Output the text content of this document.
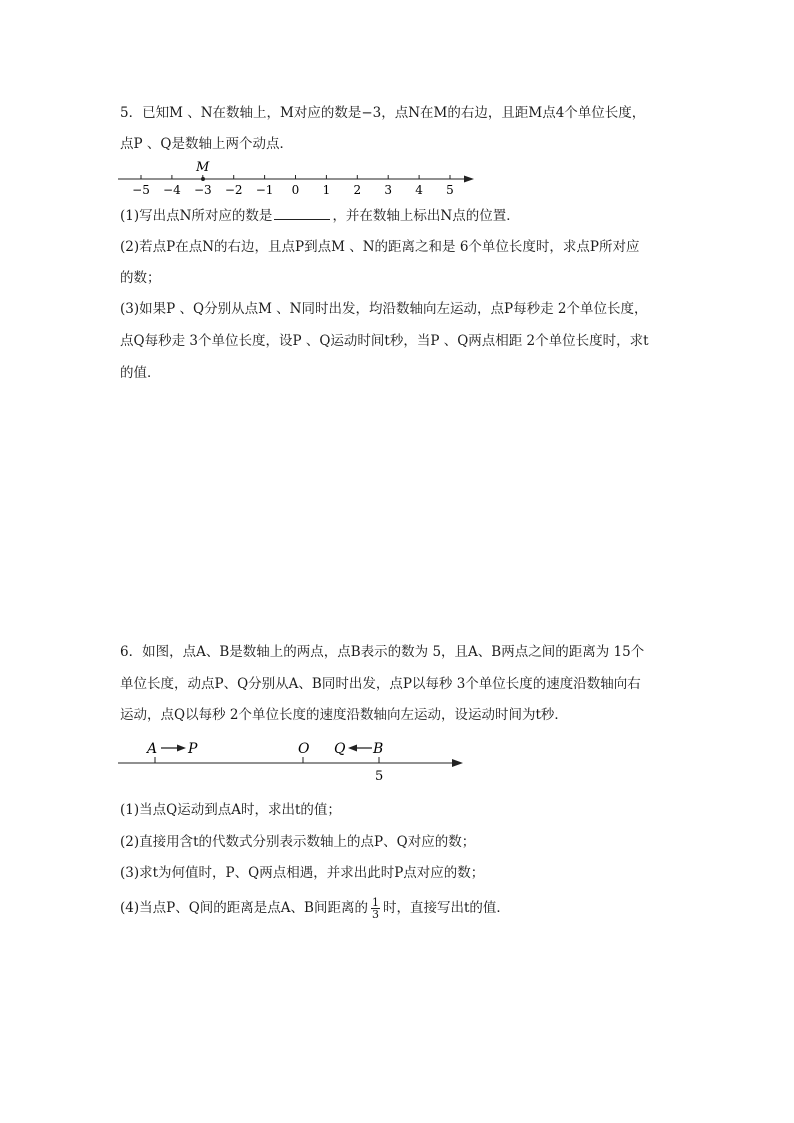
5．已知M 、N在数轴上，M对应的数是−3，点N在M的右边，且距M点4个单位长度，
点P 、Q是数轴上两个动点．
M
−5 −4 −3 −2 −1 0 1 2 3 4 5
(1)写出点N所对应的数是	，并在数轴上标出N点的位置．
(2)若点P在点N的右边，且点P到点M 、N的距离之和是 6个单位长度时，求点P所对应
的数；
(3)如果P 、Q分别从点M 、N同时出发，均沿数轴向左运动，点P每秒走 2个单位长度，
点Q每秒走 3个单位长度，设P 、Q运动时间t秒，当P 、Q两点相距 2个单位长度时，求t
的值．
6．如图，点A、B是数轴上的两点，点B表示的数为 5，且A、B两点之间的距离为 15个
单位长度，动点P、Q分别从A、B同时出发，点P以每秒 3个单位长度的速度沿数轴向右
运动，点Q以每秒 2个单位长度的速度沿数轴向左运动，设运动时间为t秒．
A P	O Q B
5
(1)当点Q运动到点A时，求出t的值；
(2)直接用含t的代数式分别表示数轴上的点P、Q对应的数；
(3)求t为何值时，P、Q两点相遇，并求出此时P点对应的数；
(4)当点P、Q间的距离是点A、B间距离的 $\frac{1}{3}$ 时，直接写出t的值．
